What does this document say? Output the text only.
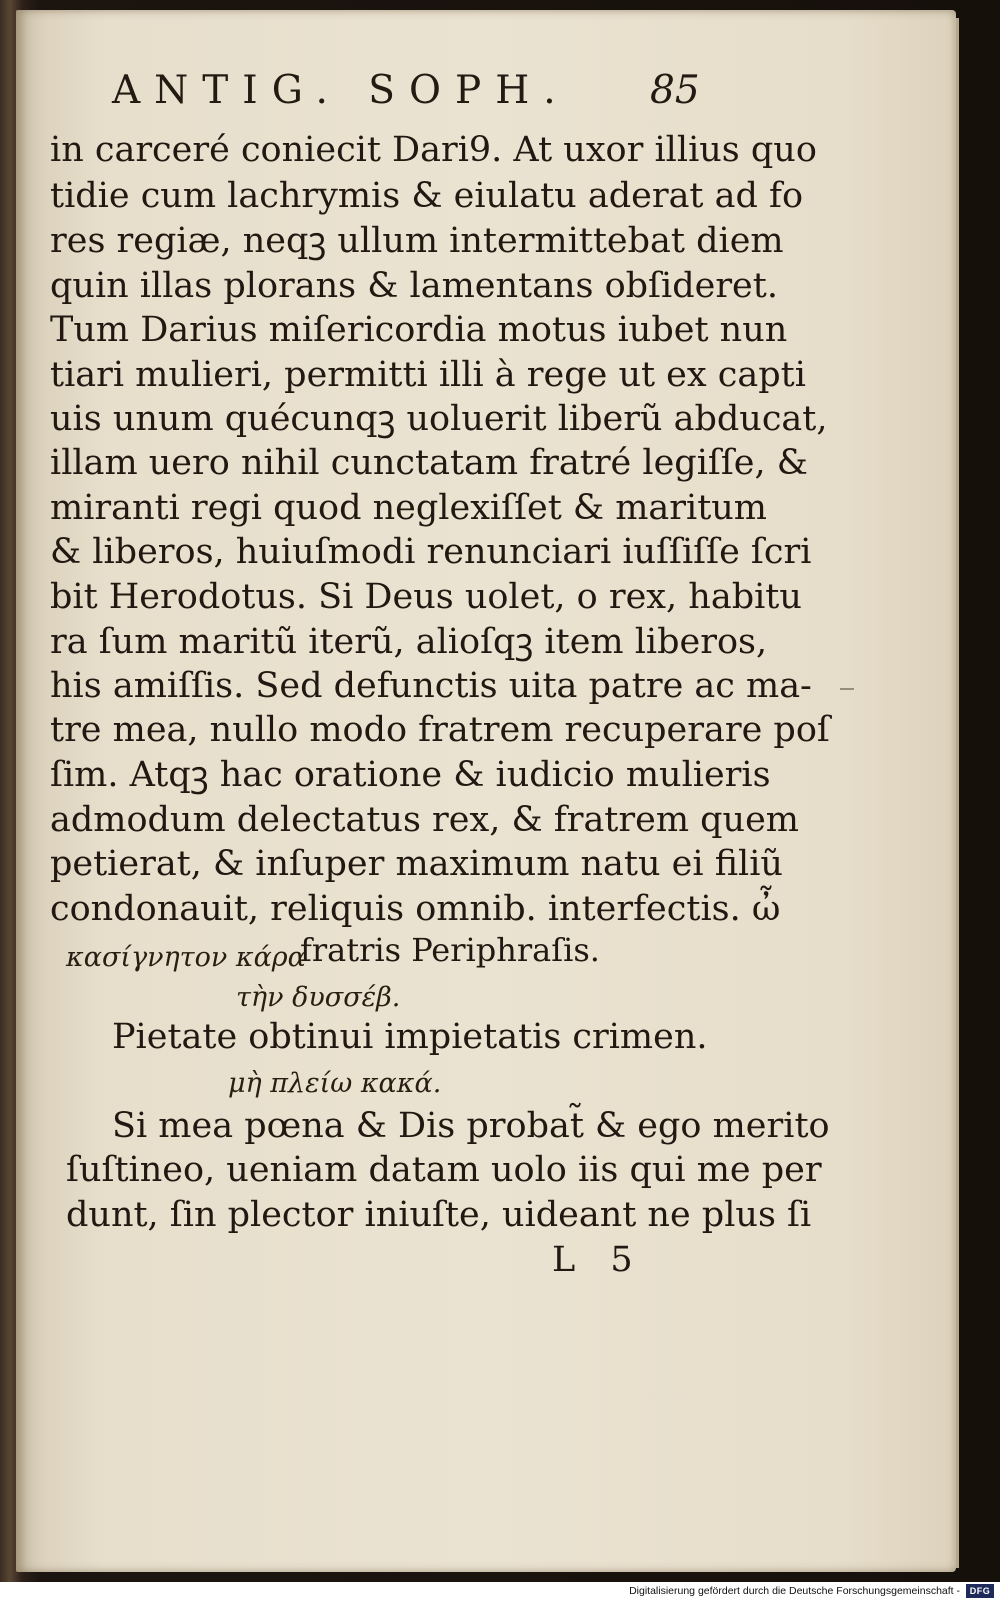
ANTIG. SOPH. 85
in carceré coniecit Dari9. At uxor illius quo
tidie cum lachrymis & eiulatu aderat ad fo
res regiæ, neqꝫ ullum intermittebat diem
quin illas plorans & lamentans obſideret.
Tum Darius miſericordia motus iubet nun
tiari mulieri, permitti illi à rege ut ex capti
uis unum quécunqꝫ uoluerit liberũ abducat,
illam uero nihil cunctatam fratré legiſſe, &
miranti regi quod neglexiſſet & maritum
& liberos, huiuſmodi renunciari iuſſiſſe ſcri
bit Herodotus. Si Deus uolet, o rex, habitu
ra ſum maritũ iterũ, alioſqꝫ item liberos,
his amiſſis. Sed defunctis uita patre ac ma-
tre mea, nullo modo fratrem recuperare poſ
ſim. Atqꝫ hac oratione & iudicio mulieris
admodum delectatus rex, & fratrem quem
petierat, & inſuper maximum natu ei filiũ
condonauit, reliquis omnib. interfectis. ὦ
κασίγνητον κάρα
fratris Periphraſis.
τὴν δυσσέβ.
Pietate obtinui impietatis crimen.
μὴ πλείω κακά.
Si mea pœna & Dis probat̃ & ego merito
ſuſtineo, ueniam datam uolo iis qui me per
dunt, ſin plector iniuſte, uideant ne plus ſi
L 5
Digitalisierung gefördert durch die Deutsche Forschungsgemeinschaft -	DFG
